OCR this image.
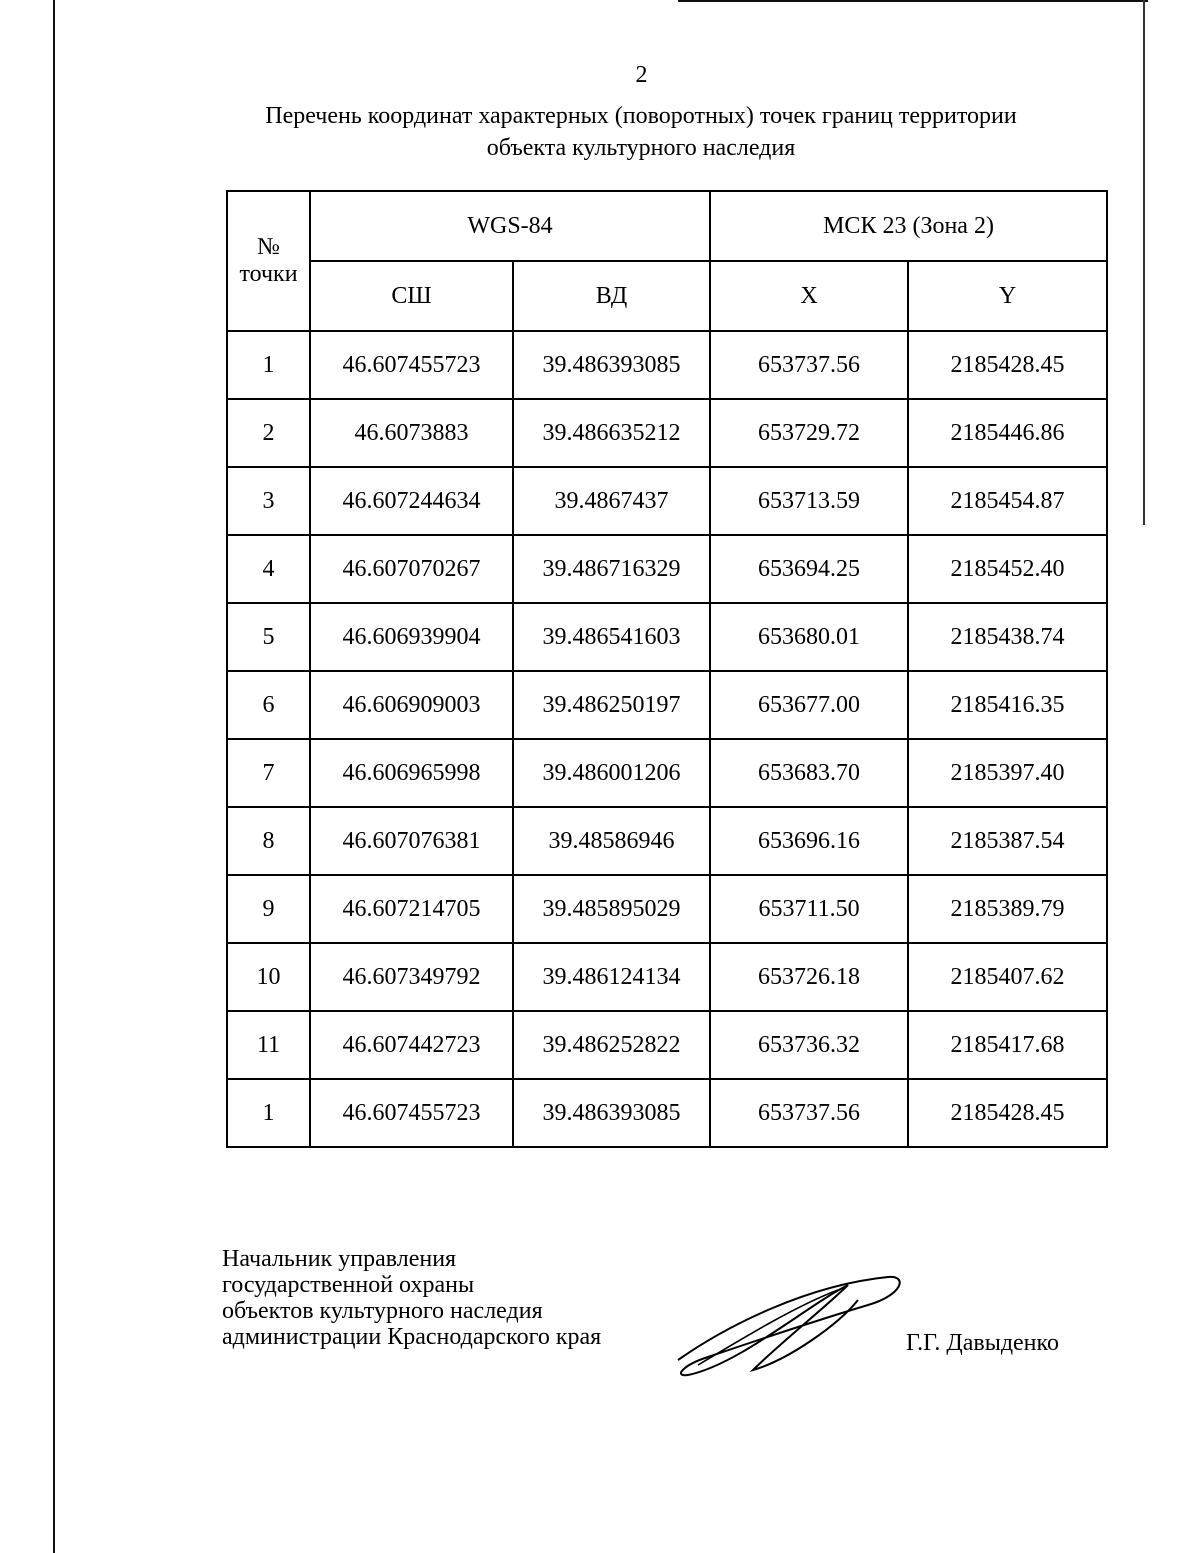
2
Перечень координат характерных (поворотных) точек границ территории
объекта культурного наследия
№
точки	WGS-84		МСК 23 (Зона 2)	
	СШ	ВД	X	Y
1	46.607455723	39.486393085	653737.56	2185428.45
2	46.6073883	39.486635212	653729.72	2185446.86
3	46.607244634	39.4867437	653713.59	2185454.87
4	46.607070267	39.486716329	653694.25	2185452.40
5	46.606939904	39.486541603	653680.01	2185438.74
6	46.606909003	39.486250197	653677.00	2185416.35
7	46.606965998	39.486001206	653683.70	2185397.40
8	46.607076381	39.48586946	653696.16	2185387.54
9	46.607214705	39.485895029	653711.50	2185389.79
10	46.607349792	39.486124134	653726.18	2185407.62
11	46.607442723	39.486252822	653736.32	2185417.68
1	46.607455723	39.486393085	653737.56	2185428.45
Начальник управления
государственной охраны
объектов культурного наследия
администрации Краснодарского края	Г.Г. Давыденко
